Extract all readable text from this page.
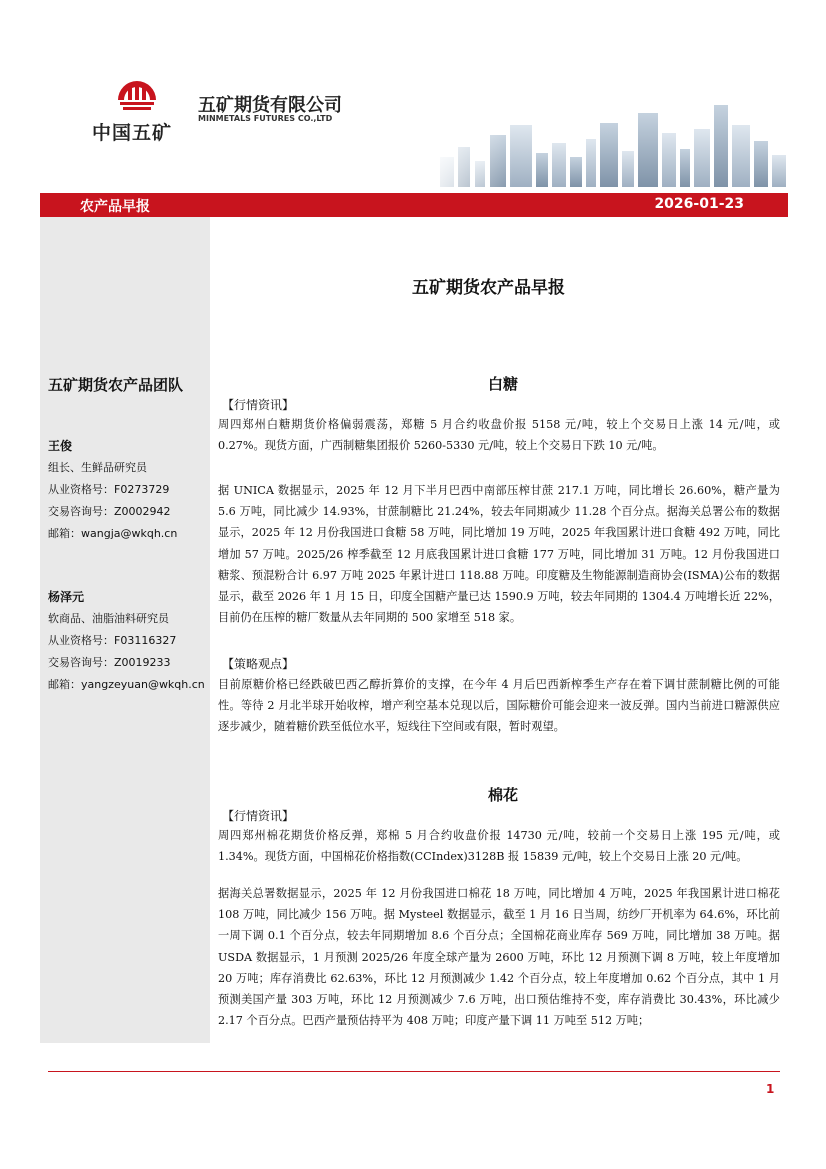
中国五矿
五矿期货有限公司
MINMETALS FUTURES CO.,LTD
农产品早报	2026-01-23
五矿期货农产品团队
王俊
组长、生鲜品研究员
从业资格号：F0273729
交易咨询号：Z0002942
邮箱：wangja@wkqh.cn
杨泽元
软商品、油脂油料研究员
从业资格号：F03116327
交易咨询号：Z0019233
邮箱：yangzeyuan@wkqh.cn
五矿期货农产品早报
白糖
【行情资讯】

周四郑州白糖期货价格偏弱震荡，郑糖 5 月合约收盘价报 5158 元/吨，较上个交易日上涨 14 元/吨，或 0.27%。现货方面，广西制糖集团报价 5260-5330 元/吨，较上个交易日下跌 10 元/吨。

据 UNICA 数据显示，2025 年 12 月下半月巴西中南部压榨甘蔗 217.1 万吨，同比增长 26.60%，糖产量为 5.6 万吨，同比减少 14.93%，甘蔗制糖比 21.24%，较去年同期减少 11.28 个百分点。据海关总署公布的数据显示，2025 年 12 月份我国进口食糖 58 万吨，同比增加 19 万吨，2025 年我国累计进口食糖 492 万吨，同比增加 57 万吨。2025/26 榨季截至 12 月底我国累计进口食糖 177 万吨，同比增加 31 万吨。12 月份我国进口糖浆、预混粉合计 6.97 万吨 2025 年累计进口 118.88 万吨。印度糖及生物能源制造商协会(ISMA)公布的数据显示，截至 2026 年 1 月 15 日，印度全国糖产量已达 1590.9 万吨，较去年同期的 1304.4 万吨增长近 22%，目前仍在压榨的糖厂数量从去年同期的 500 家增至 518 家。

【策略观点】

目前原糖价格已经跌破巴西乙醇折算价的支撑，在今年 4 月后巴西新榨季生产存在着下调甘蔗制糖比例的可能性。等待 2 月北半球开始收榨，增产利空基本兑现以后，国际糖价可能会迎来一波反弹。国内当前进口糖源供应逐步减少，随着糖价跌至低位水平，短线往下空间或有限，暂时观望。

棉花
【行情资讯】

周四郑州棉花期货价格反弹，郑棉 5 月合约收盘价报 14730 元/吨，较前一个交易日上涨 195 元/吨，或 1.34%。现货方面，中国棉花价格指数(CCIndex)3128B 报 15839 元/吨，较上个交易日上涨 20 元/吨。

据海关总署数据显示，2025 年 12 月份我国进口棉花 18 万吨，同比增加 4 万吨，2025 年我国累计进口棉花 108 万吨，同比减少 156 万吨。据 Mysteel 数据显示，截至 1 月 16 日当周，纺纱厂开机率为 64.6%，环比前一周下调 0.1 个百分点，较去年同期增加 8.6 个百分点；全国棉花商业库存 569 万吨，同比增加 38 万吨。据 USDA 数据显示，1 月预测 2025/26 年度全球产量为 2600 万吨，环比 12 月预测下调 8 万吨，较上年度增加 20 万吨；库存消费比 62.63%，环比 12 月预测减少 1.42 个百分点，较上年度增加 0.62 个百分点，其中 1 月预测美国产量 303 万吨，环比 12 月预测减少 7.6 万吨，出口预估维持不变，库存消费比 30.43%，环比减少 2.17 个百分点。巴西产量预估持平为 408 万吨；印度产量下调 11 万吨至 512 万吨；

1
